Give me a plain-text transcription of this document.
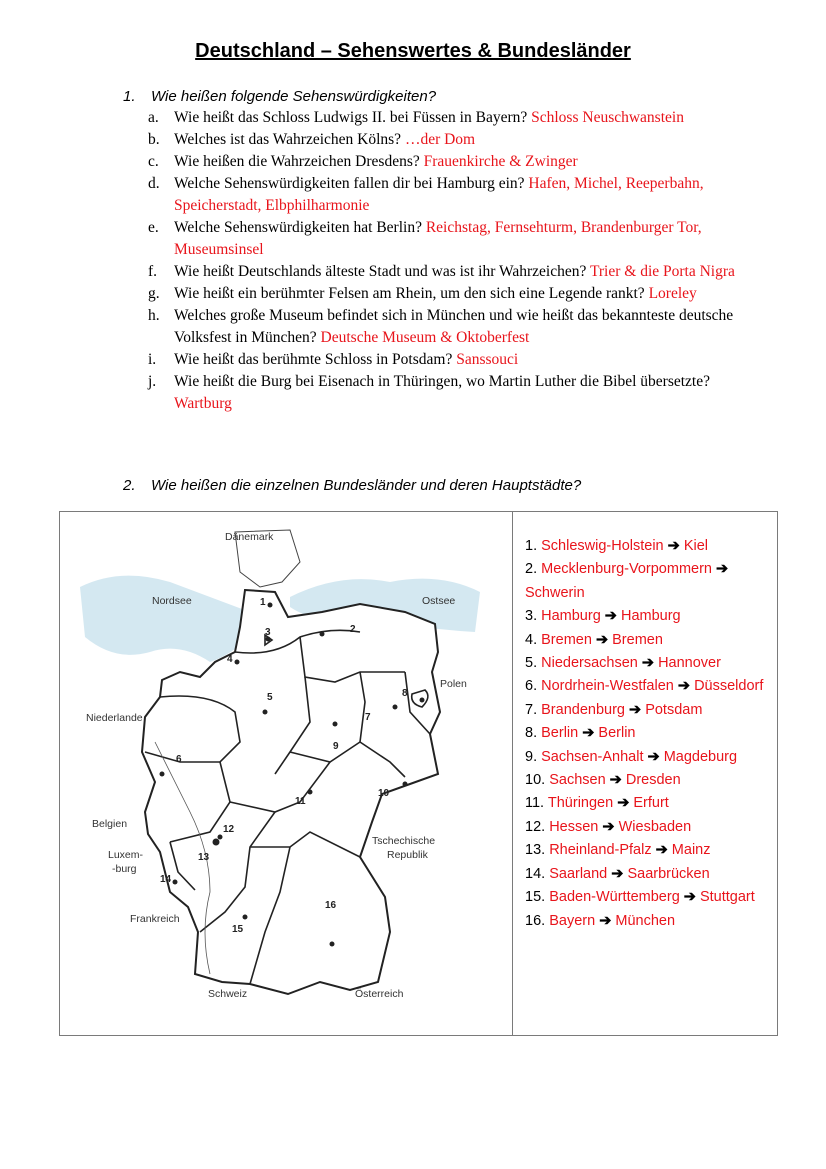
Deutschland – Sehenswertes & Bundesländer
1. Wie heißen folgende Sehenswürdigkeiten?

a. Wie heißt das Schloss Ludwigs II. bei Füssen in Bayern? Schloss Neuschwanstein

b. Welches ist das Wahrzeichen Kölns? …der Dom

c. Wie heißen die Wahrzeichen Dresdens? Frauenkirche & Zwinger

d. Welche Sehenswürdigkeiten fallen dir bei Hamburg ein? Hafen, Michel, Reeperbahn, Speicherstadt, Elbphilharmonie

e. Welche Sehenswürdigkeiten hat Berlin? Reichstag, Fernsehturm, Brandenburger Tor, Museumsinsel

f. Wie heißt Deutschlands älteste Stadt und was ist ihr Wahrzeichen? Trier & die Porta Nigra

g. Wie heißt ein berühmter Felsen am Rhein, um den sich eine Legende rankt? Loreley

h. Welches große Museum befindet sich in München und wie heißt das bekannteste deutsche Volksfest in München? Deutsche Museum & Oktoberfest

i. Wie heißt das berühmte Schloss in Potsdam? Sanssouci

j. Wie heißt die Burg bei Eisenach in Thüringen, wo Martin Luther die Bibel übersetzte? Wartburg

2. Wie heißen die einzelnen Bundesländer und deren Hauptstädte?
1
2
3
4
5
6
7
8
9
10
11
12
13
14
15
16
Dänemark
Nordsee	Ostsee
Polen
Niederlande
Belgien
Luxem-
-burg
Frankreich
Schweiz	Österreich
Tschechische
Republik

1. Schleswig-Holstein ➔ Kiel

2. Mecklenburg-Vorpommern ➔ Schwerin

3. Hamburg ➔ Hamburg

4. Bremen ➔ Bremen

5. Niedersachsen ➔ Hannover

6. Nordrhein-Westfalen ➔ Düsseldorf

7. Brandenburg ➔ Potsdam

8. Berlin ➔ Berlin

9. Sachsen-Anhalt ➔ Magdeburg

10. Sachsen ➔ Dresden

11. Thüringen ➔ Erfurt

12. Hessen ➔ Wiesbaden

13. Rheinland-Pfalz ➔ Mainz

14. Saarland ➔ Saarbrücken

15. Baden-Württemberg ➔ Stuttgart

16. Bayern ➔ München
